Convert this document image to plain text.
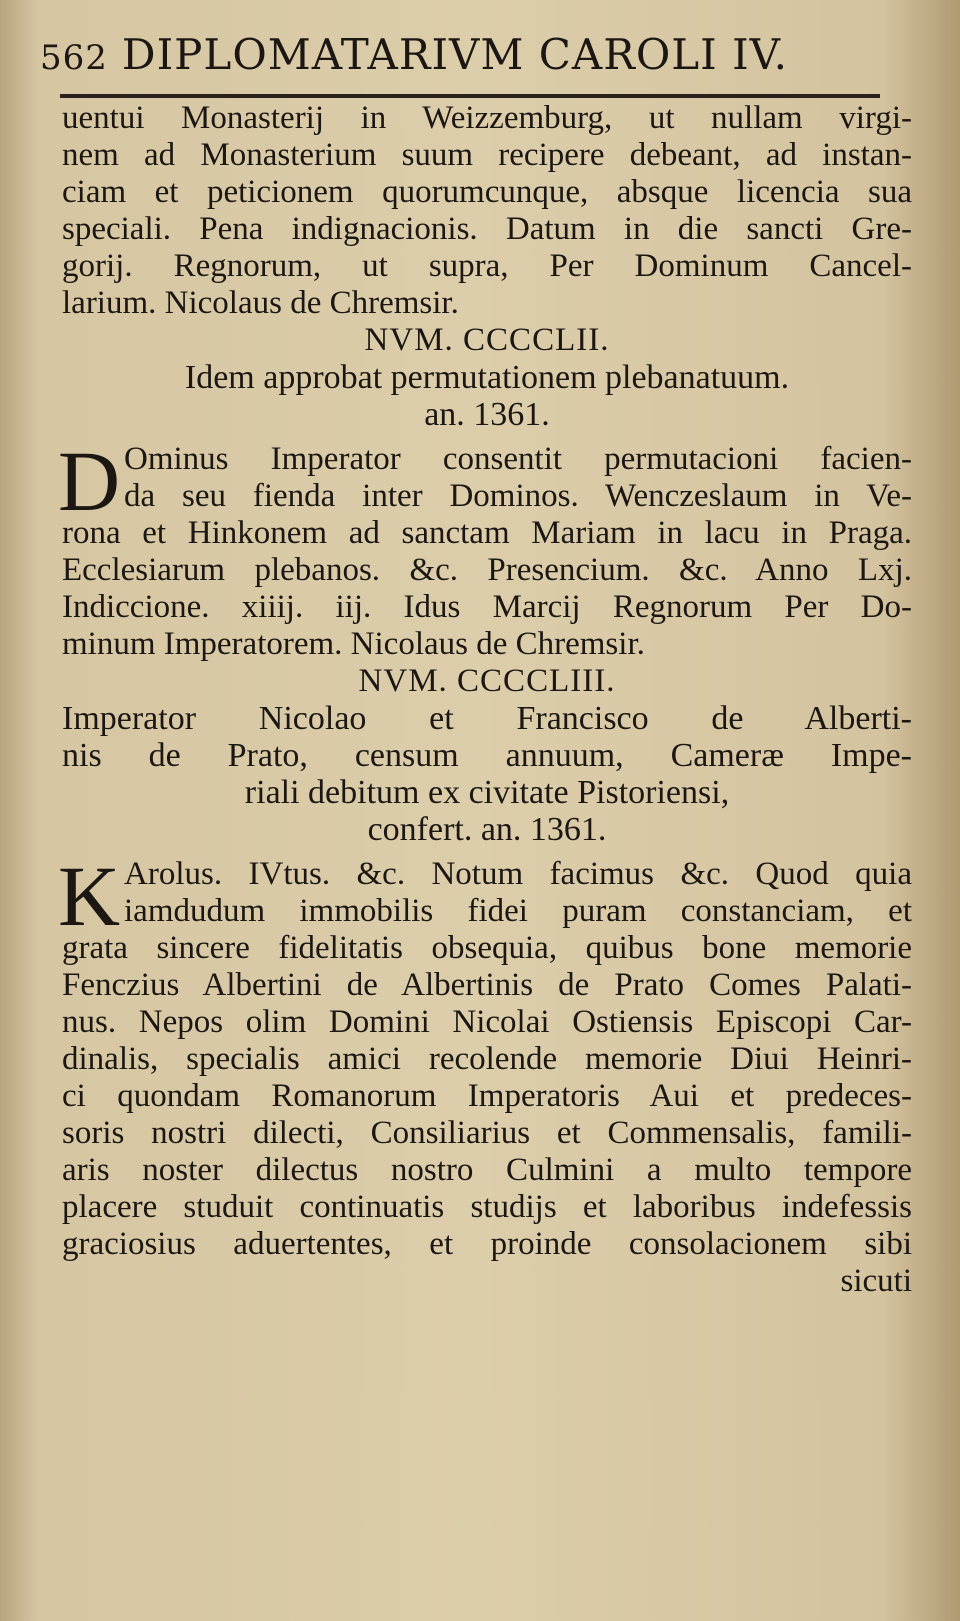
562 DIPLOMATARIVM CAROLI IV.
uentui Monasterij in Weizzemburg, ut nullam virgi-
nem ad Monasterium suum recipere debeant, ad instan-
ciam et peticionem quorumcunque, absque licencia sua
speciali. Pena indignacionis. Datum in die sancti Gre-
gorij. Regnorum, ut supra, Per Dominum Cancel-
larium. Nicolaus de Chremsir.
NVM. CCCCLII.
Idem approbat permutationem plebanatuum.
an. 1361.
D Ominus Imperator consentit permutacioni facien-
da seu fienda inter Dominos. Wenczeslaum in Ve-
rona et Hinkonem ad sanctam Mariam in lacu in Praga.
Ecclesiarum plebanos. &c. Presencium. &c. Anno Lxj.
Indiccione. xiiij. iij. Idus Marcij Regnorum Per Do-
minum Imperatorem. Nicolaus de Chremsir.
NVM. CCCCLIII.
Imperator Nicolao et Francisco de Alberti-
nis de Prato, censum annuum, Cameræ Impe-
riali debitum ex civitate Pistoriensi,
confert. an. 1361.
K Arolus. IVtus. &c. Notum facimus &c. Quod quia
iamdudum immobilis fidei puram constanciam, et
grata sincere fidelitatis obsequia, quibus bone memorie
Fenczius Albertini de Albertinis de Prato Comes Palati-
nus. Nepos olim Domini Nicolai Ostiensis Episcopi Car-
dinalis, specialis amici recolende memorie Diui Heinri-
ci quondam Romanorum Imperatoris Aui et predeces-
soris nostri dilecti, Consiliarius et Commensalis, famili-
aris noster dilectus nostro Culmini a multo tempore
placere studuit continuatis studijs et laboribus indefessis
graciosius aduertentes, et proinde consolacionem sibi
sicuti
